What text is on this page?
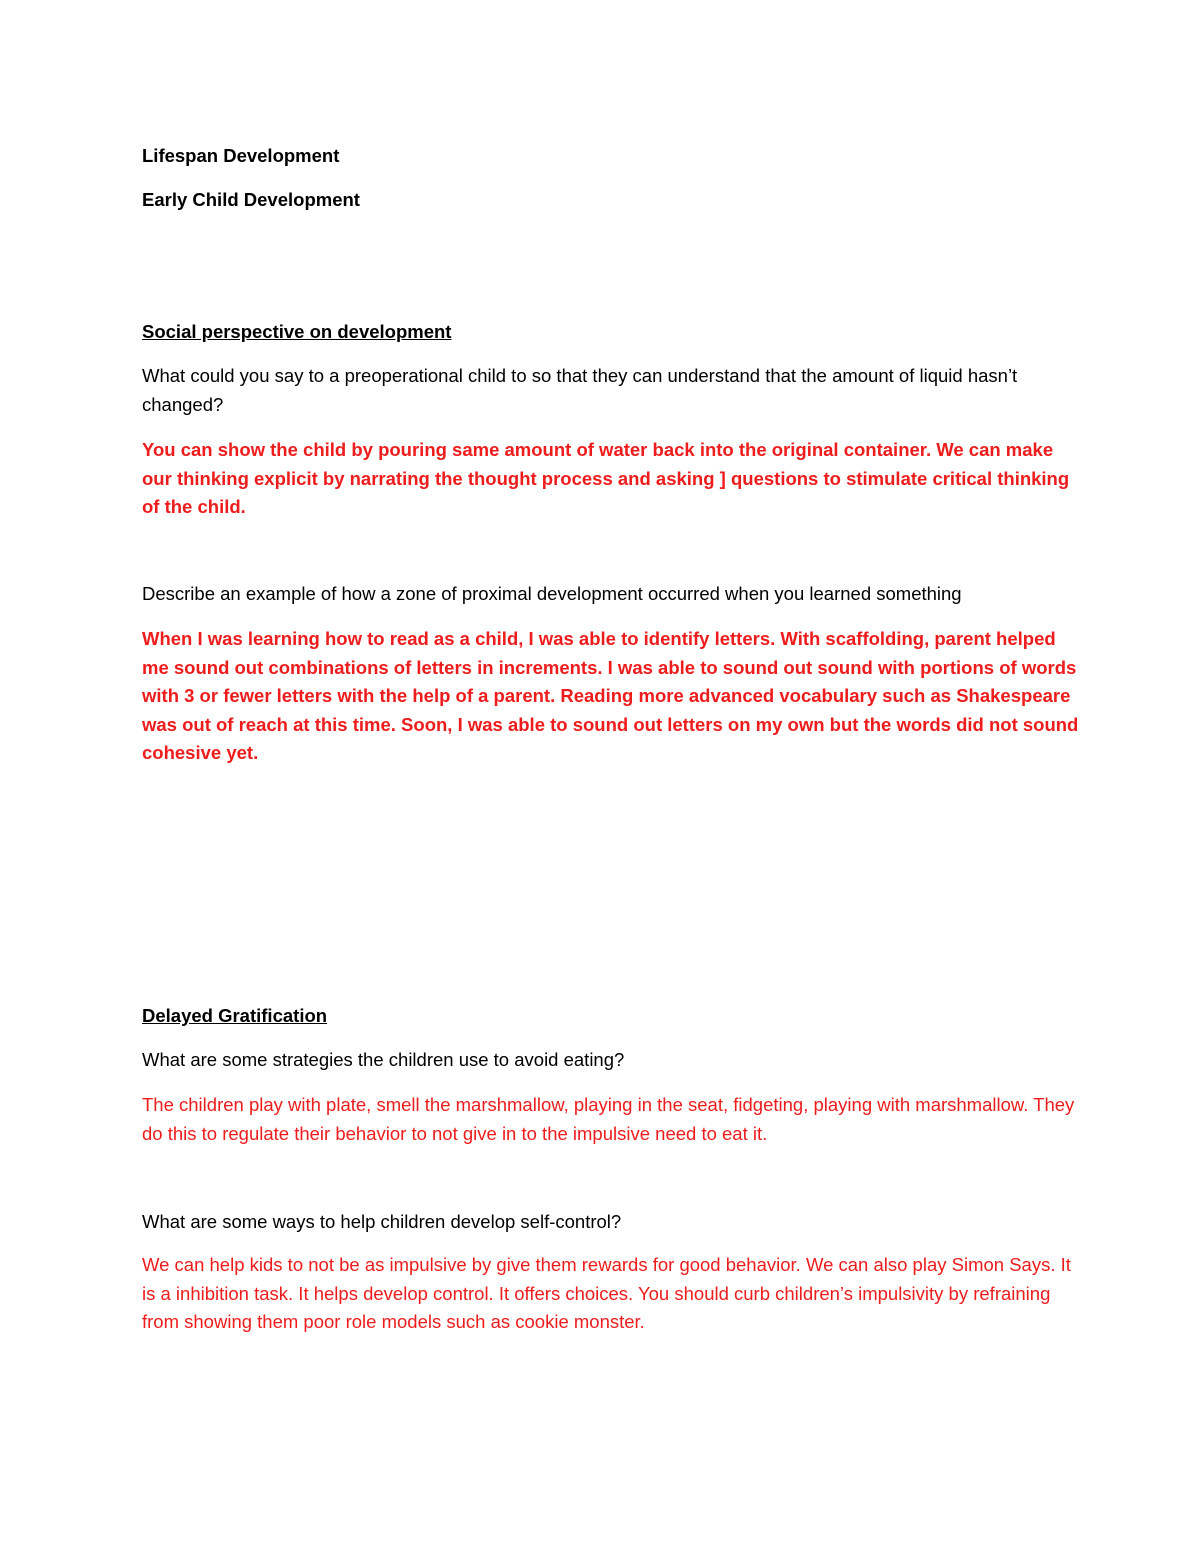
Lifespan Development

Early Child Development

Social perspective on development

What could you say to a preoperational child to so that they can understand that the amount of liquid hasn’t changed?

You can show the child by pouring same amount of water back into the original container. We can make our thinking explicit by narrating the thought process and asking ] questions to stimulate critical thinking of the child.

Describe an example of how a zone of proximal development occurred when you learned something

When I was learning how to read as a child, I was able to identify letters. With scaffolding, parent helped me sound out combinations of letters in increments. I was able to sound out sound with portions of words with 3 or fewer letters with the help of a parent. Reading more advanced vocabulary such as Shakespeare was out of reach at this time. Soon, I was able to sound out letters on my own but the words did not sound cohesive yet.

Delayed Gratification

What are some strategies the children use to avoid eating?

The children play with plate, smell the marshmallow, playing in the seat, fidgeting, playing with marshmallow. They do this to regulate their behavior to not give in to the impulsive need to eat it.

What are some ways to help children develop self-control?

We can help kids to not be as impulsive by give them rewards for good behavior. We can also play Simon Says. It is a inhibition task. It helps develop control. It offers choices. You should curb children’s impulsivity by refraining from showing them poor role models such as cookie monster.
